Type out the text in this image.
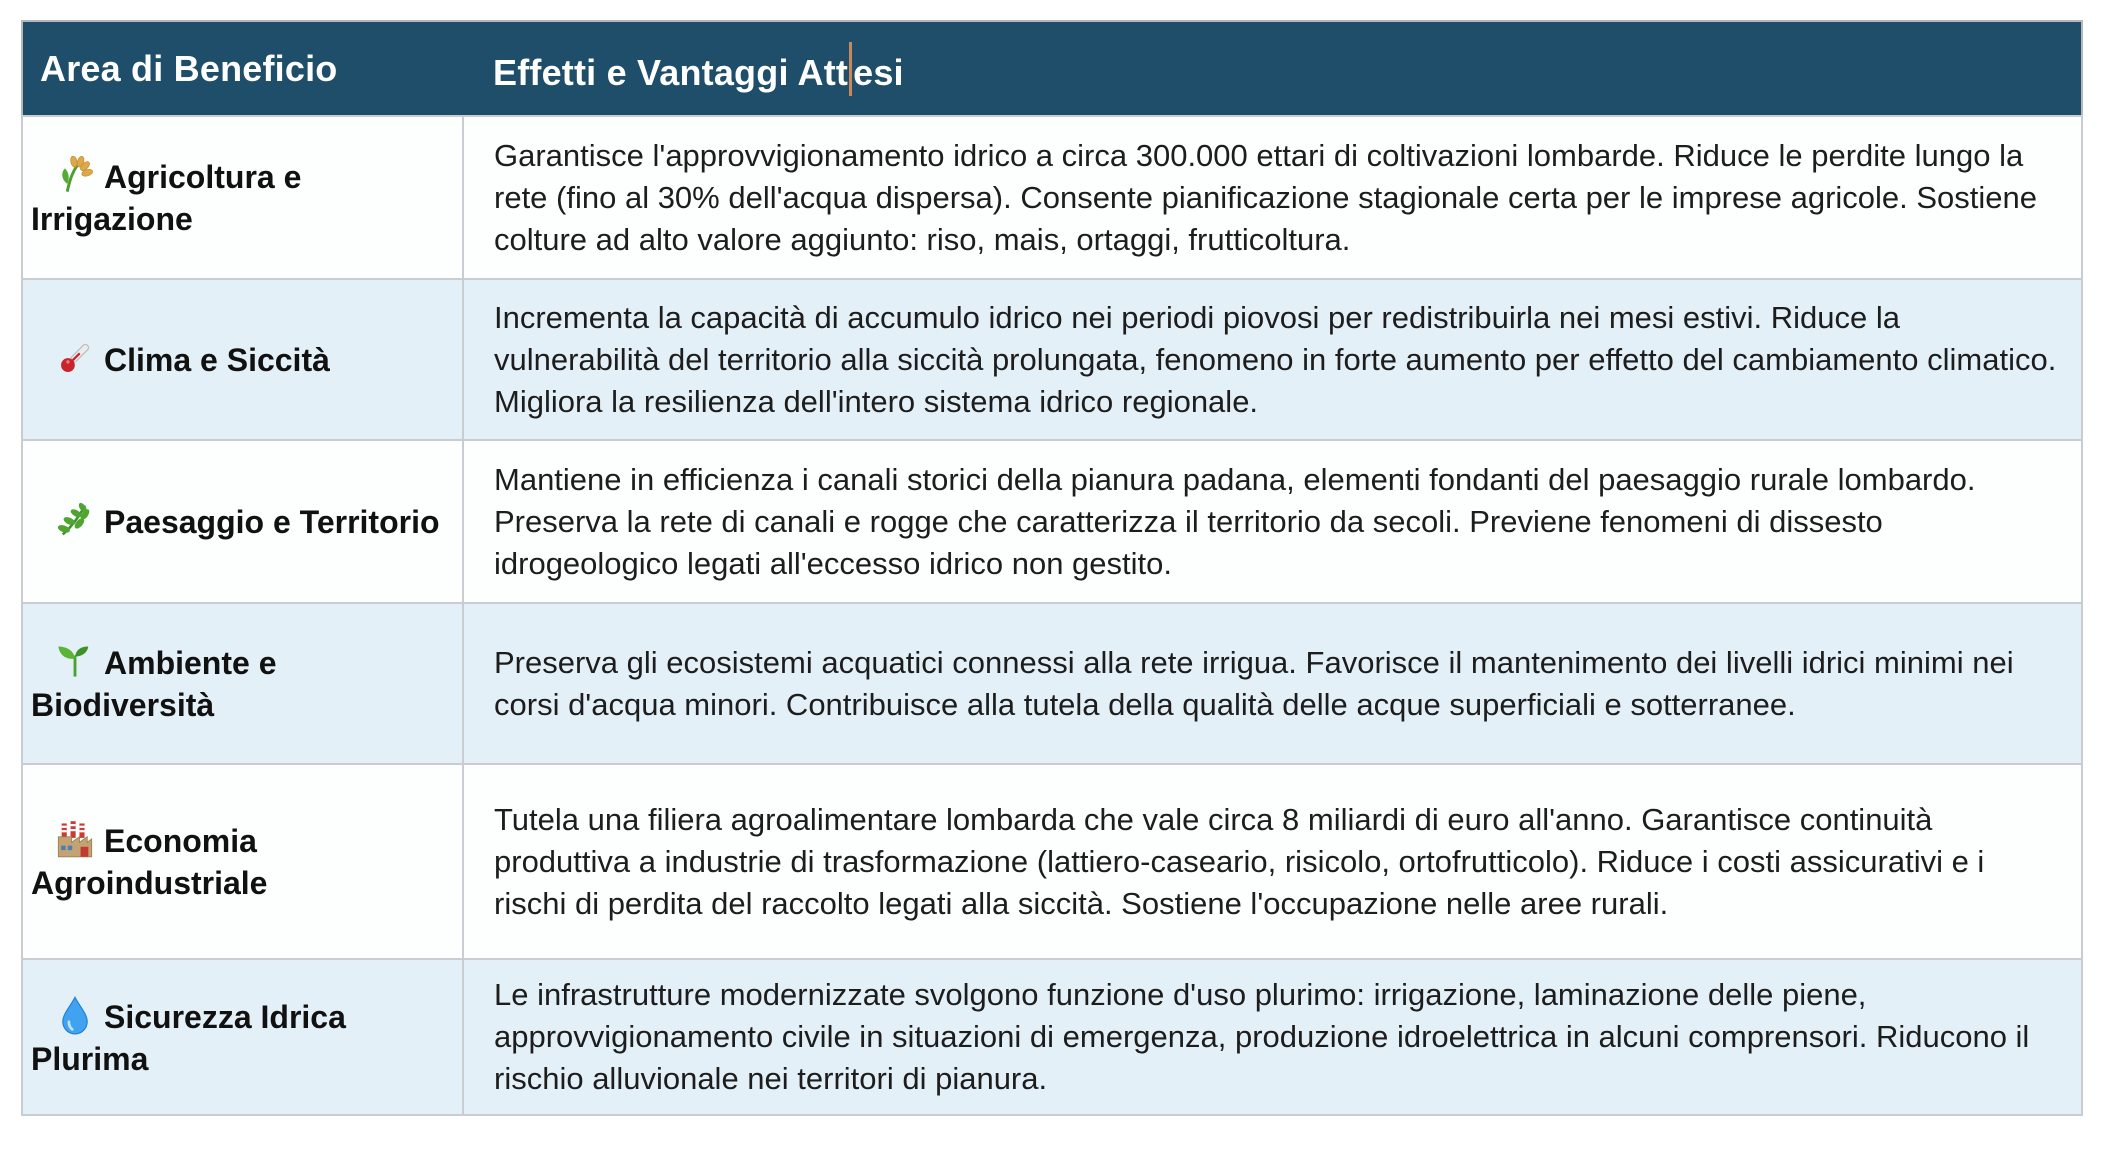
Area di Beneficio	Effetti e Vantaggi Att esi

Agricoltura e Irrigazione	Garantisce l'approvvigionamento idrico a circa 300.000 ettari di coltivazioni lombarde. Riduce le perdite lungo la rete (fino al 30% dell'acqua dispersa). Consente pianificazione stagionale certa per le imprese agricole. Sostiene colture ad alto valore aggiunto: riso, mais, ortaggi, frutticoltura.

Clima e Siccità	Incrementa la capacità di accumulo idrico nei periodi piovosi per redistribuirla nei mesi estivi. Riduce la vulnerabilità del territorio alla siccità prolungata, fenomeno in forte aumento per effetto del cambiamento climatico. Migliora la resilienza dell'intero sistema idrico regionale.

Paesaggio e Territorio	Mantiene in efficienza i canali storici della pianura padana, elementi fondanti del paesaggio rurale lombardo. Preserva la rete di canali e rogge che caratterizza il territorio da secoli. Previene fenomeni di dissesto idrogeologico legati all'eccesso idrico non gestito.

Ambiente e Biodiversità	Preserva gli ecosistemi acquatici connessi alla rete irrigua. Favorisce il mantenimento dei livelli idrici minimi nei corsi d'acqua minori. Contribuisce alla tutela della qualità delle acque superficiali e sotterranee.

Economia Agroindustriale	Tutela una filiera agroalimentare lombarda che vale circa 8 miliardi di euro all'anno. Garantisce continuità produttiva a industrie di trasformazione (lattiero-caseario, risicolo, ortofrutticolo). Riduce i costi assicurativi e i rischi di perdita del raccolto legati alla siccità. Sostiene l'occupazione nelle aree rurali.

Sicurezza Idrica Plurima	Le infrastrutture modernizzate svolgono funzione d'uso plurimo: irrigazione, laminazione delle piene, approvvigionamento civile in situazioni di emergenza, produzione idroelettrica in alcuni comprensori. Riducono il rischio alluvionale nei territori di pianura.
